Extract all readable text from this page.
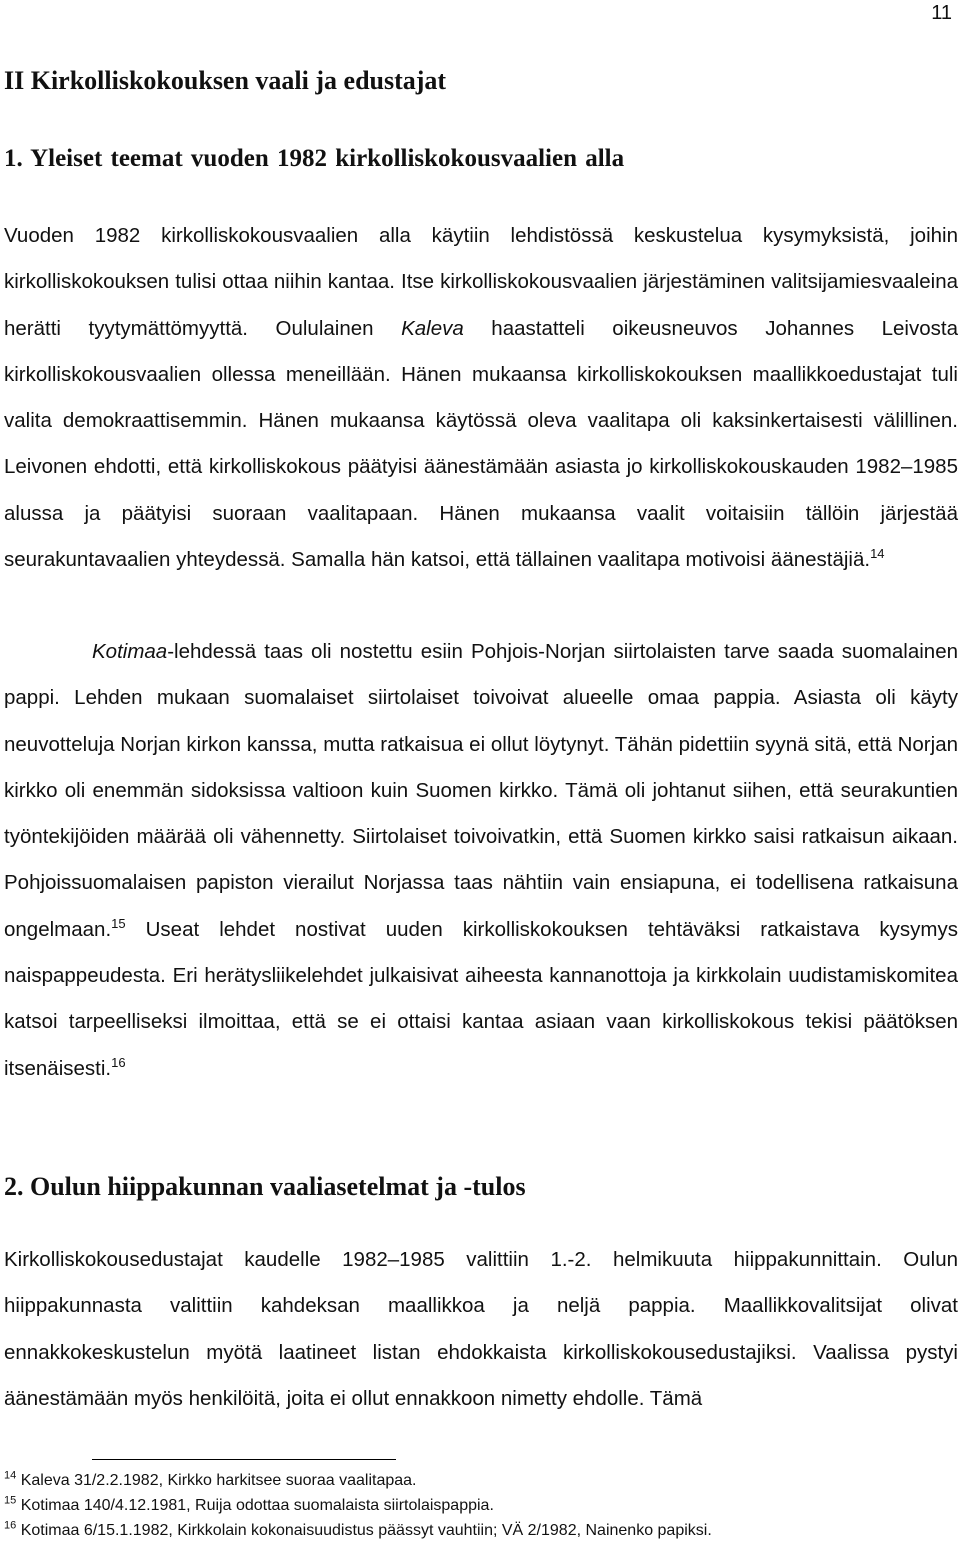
11
II Kirkolliskokouksen vaali ja edustajat
1. Yleiset teemat vuoden 1982 kirkolliskokousvaalien alla

Vuoden 1982 kirkolliskokousvaalien alla käytiin lehdistössä keskustelua kysymyksistä, joihin kirkolliskokouksen tulisi ottaa niihin kantaa. Itse kirkolliskokousvaalien järjestäminen valitsijamiesvaaleina herätti tyytymättömyyttä. Oululainen Kaleva haastatteli oikeusneuvos Johannes Leivosta kirkolliskokousvaalien ollessa meneillään. Hänen mukaansa kirkolliskokouksen maallikkoedustajat tuli valita demokraattisemmin. Hänen mukaansa käytössä oleva vaalitapa oli kaksinkertaisesti välillinen. Leivonen ehdotti, että kirkolliskokous päätyisi äänestämään asiasta jo kirkolliskokouskauden 1982–1985 alussa ja päätyisi suoraan vaalitapaan. Hänen mukaansa vaalit voitaisiin tällöin järjestää seurakuntavaalien yhteydessä. Samalla hän katsoi, että tällainen vaalitapa motivoisi äänestäjiä.$^{14}$

Kotimaa-lehdessä taas oli nostettu esiin Pohjois-Norjan siirtolaisten tarve saada suomalainen pappi. Lehden mukaan suomalaiset siirtolaiset toivoivat alueelle omaa pappia. Asiasta oli käyty neuvotteluja Norjan kirkon kanssa, mutta ratkaisua ei ollut löytynyt. Tähän pidettiin syynä sitä, että Norjan kirkko oli enemmän sidoksissa valtioon kuin Suomen kirkko. Tämä oli johtanut siihen, että seurakuntien työntekijöiden määrää oli vähennetty. Siirtolaiset toivoivatkin, että Suomen kirkko saisi ratkaisun aikaan. Pohjoissuomalaisen papiston vierailut Norjassa taas nähtiin vain ensiapuna, ei todellisena ratkaisuna ongelmaan.$^{15}$ Useat lehdet nostivat uuden kirkolliskokouksen tehtäväksi ratkaistava kysymys naispappeudesta. Eri herätysliikelehdet julkaisivat aiheesta kannanottoja ja kirkkolain uudistamiskomitea katsoi tarpeelliseksi ilmoittaa, että se ei ottaisi kantaa asiaan vaan kirkolliskokous tekisi päätöksen itsenäisesti.$^{16}$

2. Oulun hiippakunnan vaaliasetelmat ja -tulos

Kirkolliskokousedustajat kaudelle 1982–1985 valittiin 1.-2. helmikuuta hiippakunnittain. Oulun hiippakunnasta valittiin kahdeksan maallikkoa ja neljä pappia. Maallikkovalitsijat olivat ennakkokeskustelun myötä laatineet listan ehdokkaista kirkolliskokousedustajiksi. Vaalissa pystyi äänestämään myös henkilöitä, joita ei ollut ennakkoon nimetty ehdolle. Tämä

$^{14}$ Kaleva 31/2.2.1982, Kirkko harkitsee suoraa vaalitapaa.
$^{15}$ Kotimaa 140/4.12.1981, Ruija odottaa suomalaista siirtolaispappia.
$^{16}$ Kotimaa 6/15.1.1982, Kirkkolain kokonaisuudistus päässyt vauhtiin; VÄ 2/1982, Nainenko papiksi.
